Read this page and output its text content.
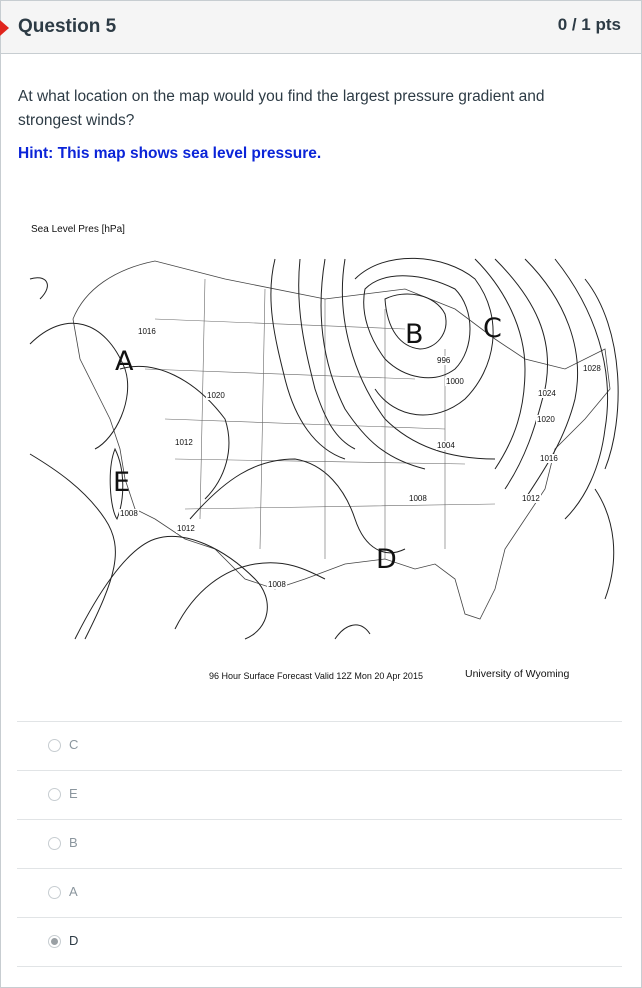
Question 5	0 / 1 pts
At what location on the map would you find the largest pressure gradient and strongest winds?
Hint: This map shows sea level pressure.
Sea Level Pres [hPa]
1016
1020
1012
1008
1012
1008
996
1000
1004
1008	1012
1016
1020
1024
1028
A
B C
D
E
96 Hour Surface Forecast Valid 12Z Mon 20 Apr 2015	University of Wyoming
C
E
B
A
D
